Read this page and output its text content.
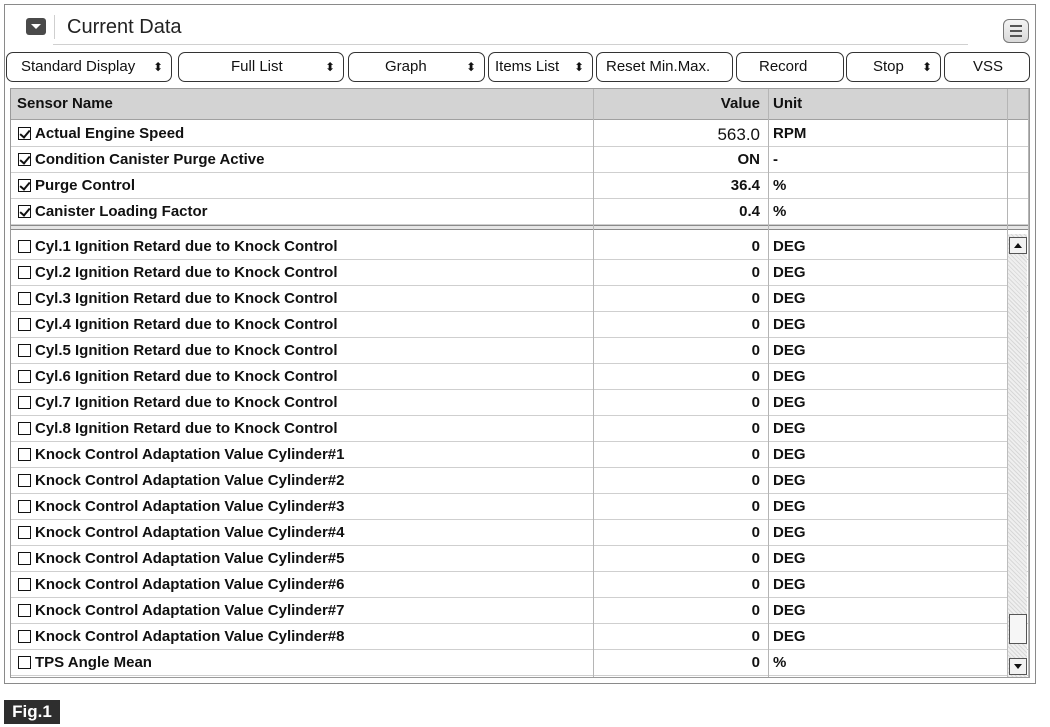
Current Data
Standard Display ⬍	Full List	⬍	Graph	⬍ Items List ⬍ Reset Min.Max.	Record	Stop ⬍	VSS
Sensor Name	Value Unit
Actual Engine Speed	563.0 RPM
Condition Canister Purge Active	ON -
Purge Control	36.4 %
Canister Loading Factor	0.4 %
Cyl.1 Ignition Retard due to Knock Control	0 DEG
Cyl.2 Ignition Retard due to Knock Control	0 DEG
Cyl.3 Ignition Retard due to Knock Control	0 DEG
Cyl.4 Ignition Retard due to Knock Control	0 DEG
Cyl.5 Ignition Retard due to Knock Control	0 DEG
Cyl.6 Ignition Retard due to Knock Control	0 DEG
Cyl.7 Ignition Retard due to Knock Control	0 DEG
Cyl.8 Ignition Retard due to Knock Control	0 DEG
Knock Control Adaptation Value Cylinder#1	0 DEG
Knock Control Adaptation Value Cylinder#2	0 DEG
Knock Control Adaptation Value Cylinder#3	0 DEG
Knock Control Adaptation Value Cylinder#4	0 DEG
Knock Control Adaptation Value Cylinder#5	0 DEG
Knock Control Adaptation Value Cylinder#6	0 DEG
Knock Control Adaptation Value Cylinder#7	0 DEG
Knock Control Adaptation Value Cylinder#8	0 DEG
TPS Angle Mean	0 %
Fig.1
